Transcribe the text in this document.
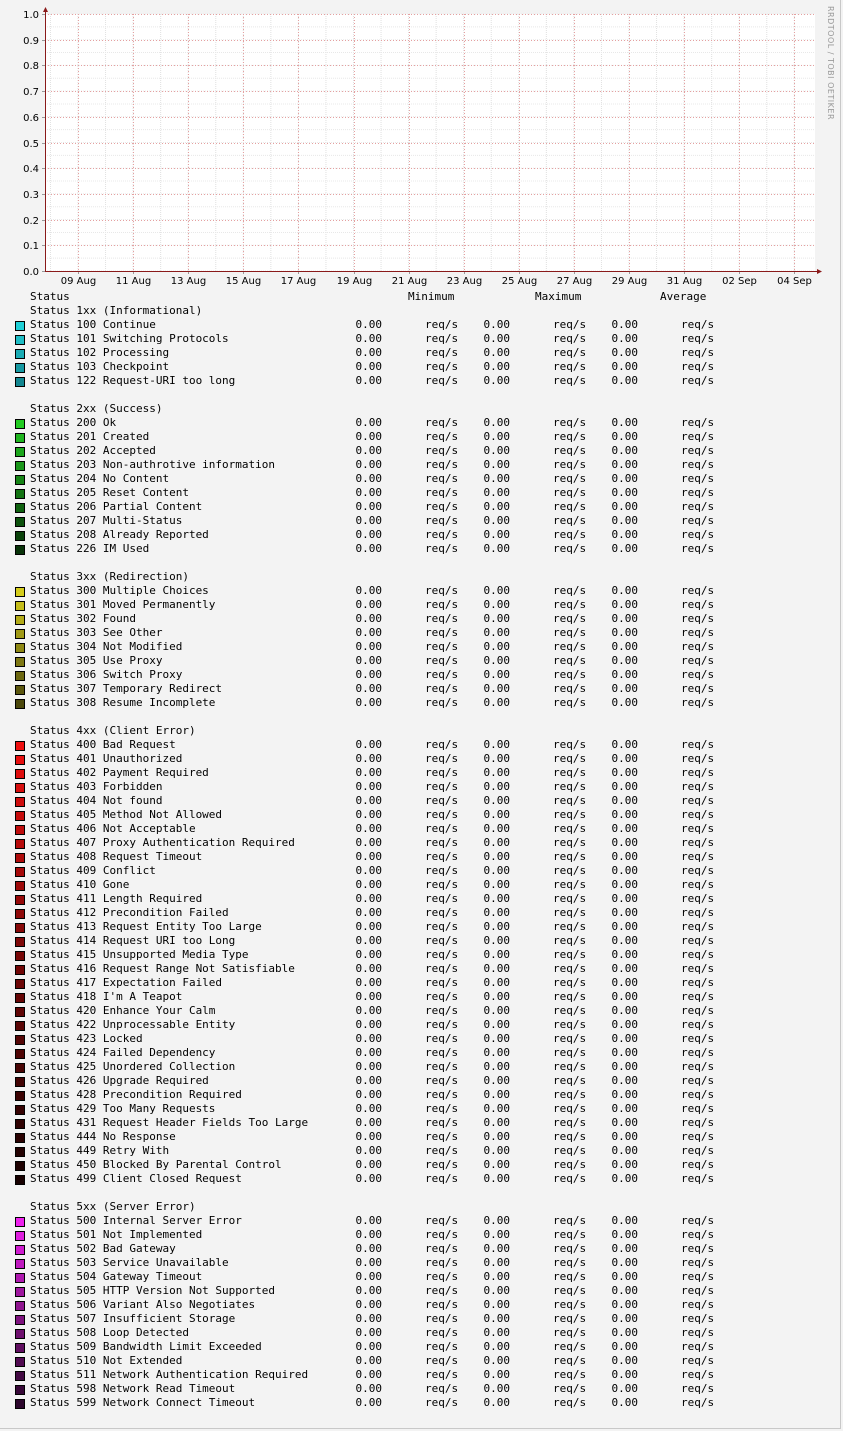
0.0
0.1
0.2
0.3
0.4
0.5
0.6
0.7
0.8
0.9
1.0
09 Aug 11 Aug 13 Aug 15 Aug 17 Aug 19 Aug 21 Aug 23 Aug 25 Aug 27 Aug 29 Aug 31 Aug 02 Sep 04 Sep
RRDTOOL / TOBI OETIKER
Status	Minimum	Maximum	Average
Status 1xx (Informational)
Status 100 Continue	0.00	req/s	0.00	req/s	0.00	req/s
Status 101 Switching Protocols	0.00	req/s	0.00	req/s	0.00	req/s
Status 102 Processing	0.00	req/s	0.00	req/s	0.00	req/s
Status 103 Checkpoint	0.00	req/s	0.00	req/s	0.00	req/s
Status 122 Request-URI too long	0.00	req/s	0.00	req/s	0.00	req/s
Status 2xx (Success)
Status 200 Ok	0.00	req/s	0.00	req/s	0.00	req/s
Status 201 Created	0.00	req/s	0.00	req/s	0.00	req/s
Status 202 Accepted	0.00	req/s	0.00	req/s	0.00	req/s
Status 203 Non-authrotive information	0.00	req/s	0.00	req/s	0.00	req/s
Status 204 No Content	0.00	req/s	0.00	req/s	0.00	req/s
Status 205 Reset Content	0.00	req/s	0.00	req/s	0.00	req/s
Status 206 Partial Content	0.00	req/s	0.00	req/s	0.00	req/s
Status 207 Multi-Status	0.00	req/s	0.00	req/s	0.00	req/s
Status 208 Already Reported	0.00	req/s	0.00	req/s	0.00	req/s
Status 226 IM Used	0.00	req/s	0.00	req/s	0.00	req/s
Status 3xx (Redirection)
Status 300 Multiple Choices	0.00	req/s	0.00	req/s	0.00	req/s
Status 301 Moved Permanently	0.00	req/s	0.00	req/s	0.00	req/s
Status 302 Found	0.00	req/s	0.00	req/s	0.00	req/s
Status 303 See Other	0.00	req/s	0.00	req/s	0.00	req/s
Status 304 Not Modified	0.00	req/s	0.00	req/s	0.00	req/s
Status 305 Use Proxy	0.00	req/s	0.00	req/s	0.00	req/s
Status 306 Switch Proxy	0.00	req/s	0.00	req/s	0.00	req/s
Status 307 Temporary Redirect	0.00	req/s	0.00	req/s	0.00	req/s
Status 308 Resume Incomplete	0.00	req/s	0.00	req/s	0.00	req/s
Status 4xx (Client Error)
Status 400 Bad Request	0.00	req/s	0.00	req/s	0.00	req/s
Status 401 Unauthorized	0.00	req/s	0.00	req/s	0.00	req/s
Status 402 Payment Required	0.00	req/s	0.00	req/s	0.00	req/s
Status 403 Forbidden	0.00	req/s	0.00	req/s	0.00	req/s
Status 404 Not found	0.00	req/s	0.00	req/s	0.00	req/s
Status 405 Method Not Allowed	0.00	req/s	0.00	req/s	0.00	req/s
Status 406 Not Acceptable	0.00	req/s	0.00	req/s	0.00	req/s
Status 407 Proxy Authentication Required	0.00	req/s	0.00	req/s	0.00	req/s
Status 408 Request Timeout	0.00	req/s	0.00	req/s	0.00	req/s
Status 409 Conflict	0.00	req/s	0.00	req/s	0.00	req/s
Status 410 Gone	0.00	req/s	0.00	req/s	0.00	req/s
Status 411 Length Required	0.00	req/s	0.00	req/s	0.00	req/s
Status 412 Precondition Failed	0.00	req/s	0.00	req/s	0.00	req/s
Status 413 Request Entity Too Large	0.00	req/s	0.00	req/s	0.00	req/s
Status 414 Request URI too Long	0.00	req/s	0.00	req/s	0.00	req/s
Status 415 Unsupported Media Type	0.00	req/s	0.00	req/s	0.00	req/s
Status 416 Request Range Not Satisfiable	0.00	req/s	0.00	req/s	0.00	req/s
Status 417 Expectation Failed	0.00	req/s	0.00	req/s	0.00	req/s
Status 418 I'm A Teapot	0.00	req/s	0.00	req/s	0.00	req/s
Status 420 Enhance Your Calm	0.00	req/s	0.00	req/s	0.00	req/s
Status 422 Unprocessable Entity	0.00	req/s	0.00	req/s	0.00	req/s
Status 423 Locked	0.00	req/s	0.00	req/s	0.00	req/s
Status 424 Failed Dependency	0.00	req/s	0.00	req/s	0.00	req/s
Status 425 Unordered Collection	0.00	req/s	0.00	req/s	0.00	req/s
Status 426 Upgrade Required	0.00	req/s	0.00	req/s	0.00	req/s
Status 428 Precondition Required	0.00	req/s	0.00	req/s	0.00	req/s
Status 429 Too Many Requests	0.00	req/s	0.00	req/s	0.00	req/s
Status 431 Request Header Fields Too Large	0.00	req/s	0.00	req/s	0.00	req/s
Status 444 No Response	0.00	req/s	0.00	req/s	0.00	req/s
Status 449 Retry With	0.00	req/s	0.00	req/s	0.00	req/s
Status 450 Blocked By Parental Control	0.00	req/s	0.00	req/s	0.00	req/s
Status 499 Client Closed Request	0.00	req/s	0.00	req/s	0.00	req/s
Status 5xx (Server Error)
Status 500 Internal Server Error	0.00	req/s	0.00	req/s	0.00	req/s
Status 501 Not Implemented	0.00	req/s	0.00	req/s	0.00	req/s
Status 502 Bad Gateway	0.00	req/s	0.00	req/s	0.00	req/s
Status 503 Service Unavailable	0.00	req/s	0.00	req/s	0.00	req/s
Status 504 Gateway Timeout	0.00	req/s	0.00	req/s	0.00	req/s
Status 505 HTTP Version Not Supported	0.00	req/s	0.00	req/s	0.00	req/s
Status 506 Variant Also Negotiates	0.00	req/s	0.00	req/s	0.00	req/s
Status 507 Insufficient Storage	0.00	req/s	0.00	req/s	0.00	req/s
Status 508 Loop Detected	0.00	req/s	0.00	req/s	0.00	req/s
Status 509 Bandwidth Limit Exceeded	0.00	req/s	0.00	req/s	0.00	req/s
Status 510 Not Extended	0.00	req/s	0.00	req/s	0.00	req/s
Status 511 Network Authentication Required	0.00	req/s	0.00	req/s	0.00	req/s
Status 598 Network Read Timeout	0.00	req/s	0.00	req/s	0.00	req/s
Status 599 Network Connect Timeout	0.00	req/s	0.00	req/s	0.00	req/s
